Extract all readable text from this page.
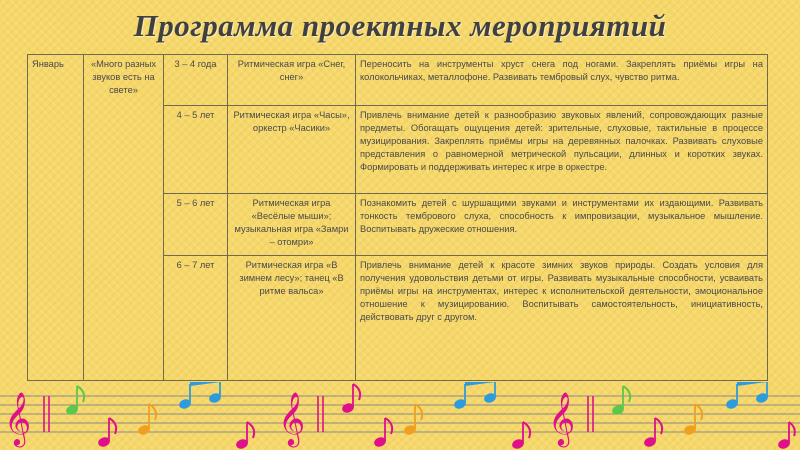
Программа проектных мероприятий
Январь	«Много разных звуков есть на свете»	3 – 4 года	Ритмическая игра «Снег, снег»	Переносить на инструменты хруст снега под ногами. Закреплять приёмы игры на колокольчиках, металлофоне. Развивать тембровый слух, чувство ритма.
		4 – 5 лет	Ритмическая игра «Часы», оркестр «Часики»	Привлечь внимание детей к разнообразию звуковых явлений, сопровождающих разные предметы. Обогащать ощущения детей: зрительные, слуховые, тактильные в процессе музицирования. Закреплять приёмы игры на деревянных палочках. Развивать слуховые представления о равномерной метрической пульсации, длинных и коротких звуках. Формировать и поддерживать интерес к игре в оркестре.
		5 – 6 лет	Ритмическая игра «Весёлые мыши»; музыкальная игра «Замри – отомри»	Познакомить детей с шуршащими звуками и инструментами их издающими. Развивать тонкость тембрового слуха, способность к импровизации, музыкальное мышление. Воспитывать дружеские отношения.
		6 – 7 лет	Ритмическая игра «В зимнем лесу»; танец «В ритме вальса»	Привлечь внимание детей к красоте зимних звуков природы. Создать условия для получения удовольствия детьми от игры. Развивать музыкальные способности, усваивать приёмы игры на инструментах, интерес к исполнительской деятельности, эмоциональное отношение к музицированию. Воспитывать самостоятельность, инициативность, действовать друг с другом.
𝄞	𝄞	𝄞
